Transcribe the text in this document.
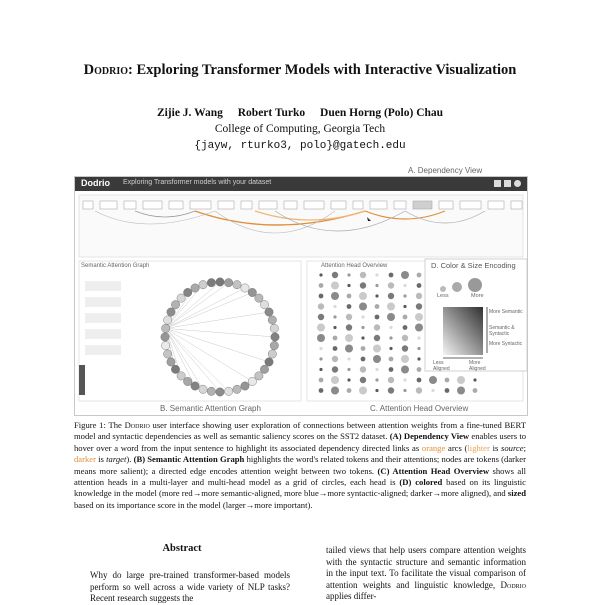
Dodrio: Exploring Transformer Models with Interactive Visualization
Zijie J. Wang Robert Turko Duen Horng (Polo) Chau
College of Computing, Georgia Tech
{jayw, rturko3, polo}@gatech.edu
A. Dependency View
Dodrio Exploring Transformer models with your dataset
Semantic Attention Graph	Attention Head Overview	D. Color & Size Encoding
Less	More
More Semantic
Semantic & Syntactic
More Syntactic
Less Aligned
More Aligned
B. Semantic Attention Graph	C. Attention Head Overview
Figure 1: The Dodrio user interface showing user exploration of connections between attention weights from a fine-tuned BERT model and syntactic dependencies as well as semantic saliency scores on the SST2 dataset. (A) Dependency View enables users to hover over a word from the input sentence to highlight its associated dependency directed links as orange arcs (lighter is source; darker is target). (B) Semantic Attention Graph highlights the word's related tokens and their attentions; nodes are tokens (darker means more salient); a directed edge encodes attention weight between two tokens. (C) Attention Head Overview shows all attention heads in a multi-layer and multi-head model as a grid of circles, each head is (D) colored based on its linguistic knowledge in the model (more red→more semantic-aligned, more blue→more syntactic-aligned; darker→more aligned), and sized based on its importance score in the model (larger→more important).
Abstract
Why do large pre-trained transformer-based models perform so well across a wide variety of NLP tasks? Recent research suggests the
tailed views that help users compare attention weights with the syntactic structure and semantic information in the input text. To facilitate the visual comparison of attention weights and linguistic knowledge, Dodrio applies differ-
